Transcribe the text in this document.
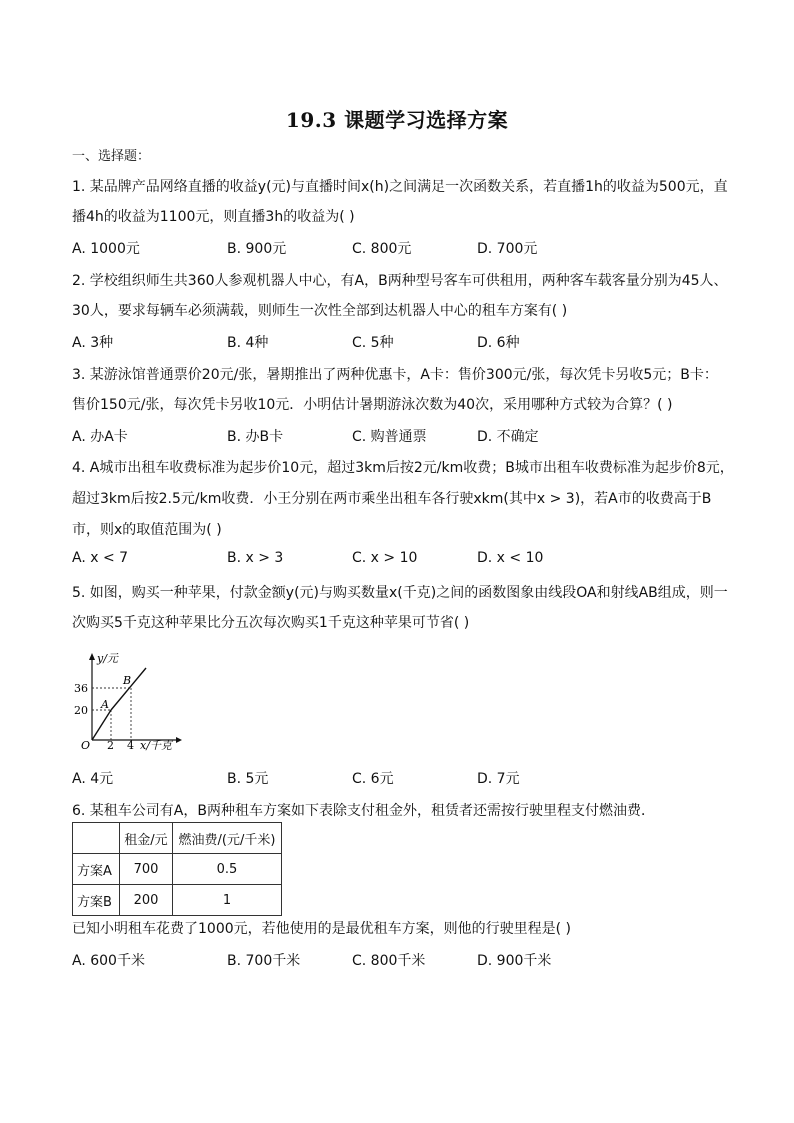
19.3 课题学习选择方案
一、选择题：
1. 某品牌产品网络直播的收益y(元)与直播时间x(h)之间满足一次函数关系，若直播1h的收益为500元，直
播4h的收益为1100元，则直播3h的收益为( )
A. 1000元	B. 900元	C. 800元	D. 700元
2. 学校组织师生共360人参观机器人中心，有A，B两种型号客车可供租用，两种客车载客量分别为45人、
30人，要求每辆车必须满载，则师生一次性全部到达机器人中心的租车方案有( )
A. 3种	B. 4种	C. 5种	D. 6种
3. 某游泳馆普通票价20元/张，暑期推出了两种优惠卡，A卡：售价300元/张，每次凭卡另收5元；B卡：
售价150元/张，每次凭卡另收10元．小明估计暑期游泳次数为40次，采用哪种方式较为合算？( )
A. 办A卡	B. 办B卡	C. 购普通票	D. 不确定
4. A城市出租车收费标准为起步价10元，超过3km后按2元/km收费；B城市出租车收费标准为起步价8元，
超过3km后按2.5元/km收费．小王分别在两市乘坐出租车各行驶xkm(其中x > 3)，若A市的收费高于B
市，则x的取值范围为( )
A. x < 7	B. x > 3	C. x > 10	D. x < 10
5. 如图，购买一种苹果，付款金额y(元)与购买数量x(千克)之间的函数图象由线段OA和射线AB组成，则一
次购买5千克这种苹果比分五次每次购买1千克这种苹果可节省( )
y/元
x/千克
36
20
2 4
O
A
B
A. 4元	B. 5元	C. 6元	D. 7元
6. 某租车公司有A，B两种租车方案如下表除支付租金外，租赁者还需按行驶里程支付燃油费．
	租金/元	燃油费/(元/千米)
方案A	700	0.5
方案B	200	1
已知小明租车花费了1000元，若他使用的是最优租车方案，则他的行驶里程是( )
A. 600千米	B. 700千米	C. 800千米	D. 900千米
